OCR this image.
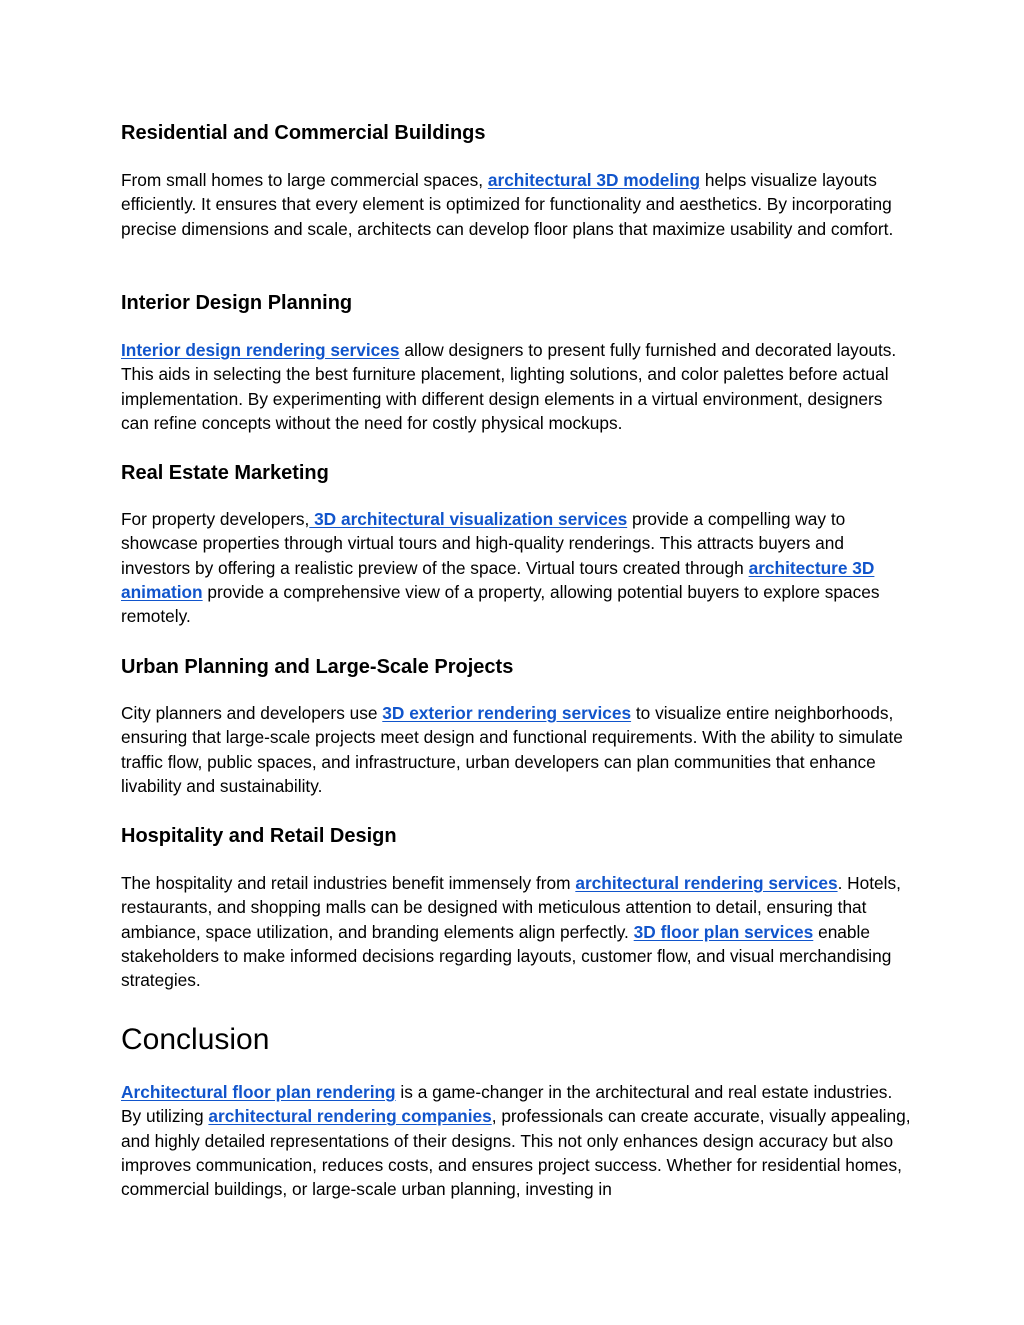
Residential and Commercial Buildings

From small homes to large commercial spaces, architectural 3D modeling helps visualize layouts efficiently. It ensures that every element is optimized for functionality and aesthetics. By incorporating precise dimensions and scale, architects can develop floor plans that maximize usability and comfort.

Interior Design Planning

Interior design rendering services allow designers to present fully furnished and decorated layouts. This aids in selecting the best furniture placement, lighting solutions, and color palettes before actual implementation. By experimenting with different design elements in a virtual environment, designers can refine concepts without the need for costly physical mockups.

Real Estate Marketing

For property developers, 3D architectural visualization services provide a compelling way to showcase properties through virtual tours and high-quality renderings. This attracts buyers and investors by offering a realistic preview of the space. Virtual tours created through architecture 3D animation provide a comprehensive view of a property, allowing potential buyers to explore spaces remotely.

Urban Planning and Large-Scale Projects

City planners and developers use 3D exterior rendering services to visualize entire neighborhoods, ensuring that large-scale projects meet design and functional requirements. With the ability to simulate traffic flow, public spaces, and infrastructure, urban developers can plan communities that enhance livability and sustainability.

Hospitality and Retail Design

The hospitality and retail industries benefit immensely from architectural rendering services. Hotels, restaurants, and shopping malls can be designed with meticulous attention to detail, ensuring that ambiance, space utilization, and branding elements align perfectly. 3D floor plan services enable stakeholders to make informed decisions regarding layouts, customer flow, and visual merchandising strategies.

Conclusion

Architectural floor plan rendering is a game-changer in the architectural and real estate industries. By utilizing architectural rendering companies, professionals can create accurate, visually appealing, and highly detailed representations of their designs. This not only enhances design accuracy but also improves communication, reduces costs, and ensures project success. Whether for residential homes, commercial buildings, or large-scale urban planning, investing in
